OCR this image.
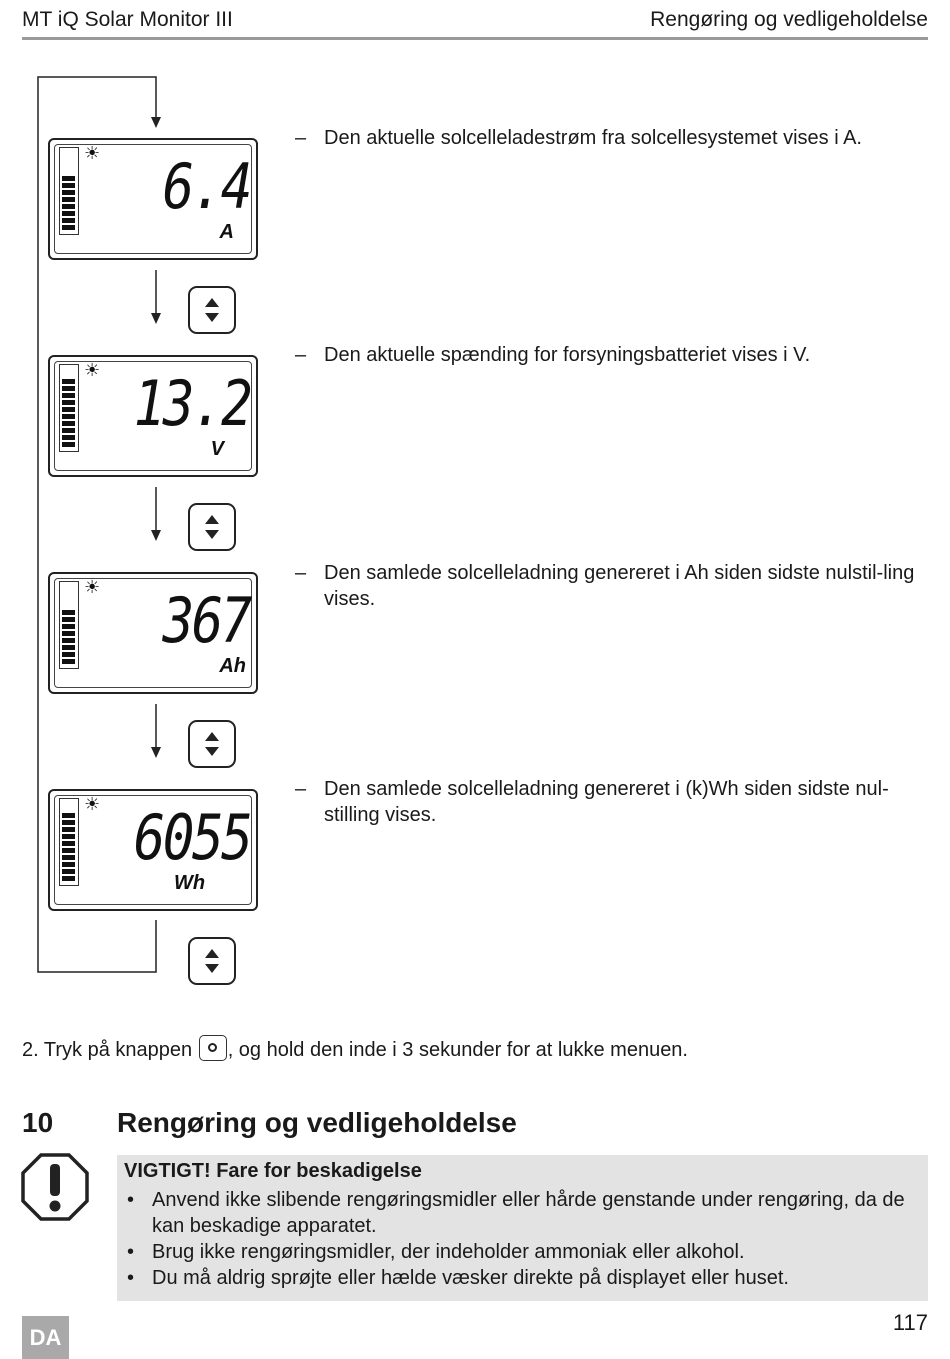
MT iQ Solar Monitor III	Rengøring og vedligeholdelse
☀ 6.4
A
☀ 13.2
V
☀ 367
Ah
☀ 6055
Wh
– Den aktuelle solcelleladestrøm fra solcellesystemet vises i A.
– Den aktuelle spænding for forsyningsbatteriet vises i V.
– Den samlede solcelleladning genereret i Ah siden sidste nulstil-ling vises.
– Den samlede solcelleladning genereret i (k)Wh siden sidste nul-stilling vises.
2. Tryk på knappen , og hold den inde i 3 sekunder for at lukke menuen.
10 Rengøring og vedligeholdelse
VIGTIGT! Fare for beskadigelse
• Anvend ikke slibende rengøringsmidler eller hårde genstande under rengøring, da de kan beskadige apparatet.
• Brug ikke rengøringsmidler, der indeholder ammoniak eller alkohol.
• Du må aldrig sprøjte eller hælde væsker direkte på displayet eller huset.
DA
117
